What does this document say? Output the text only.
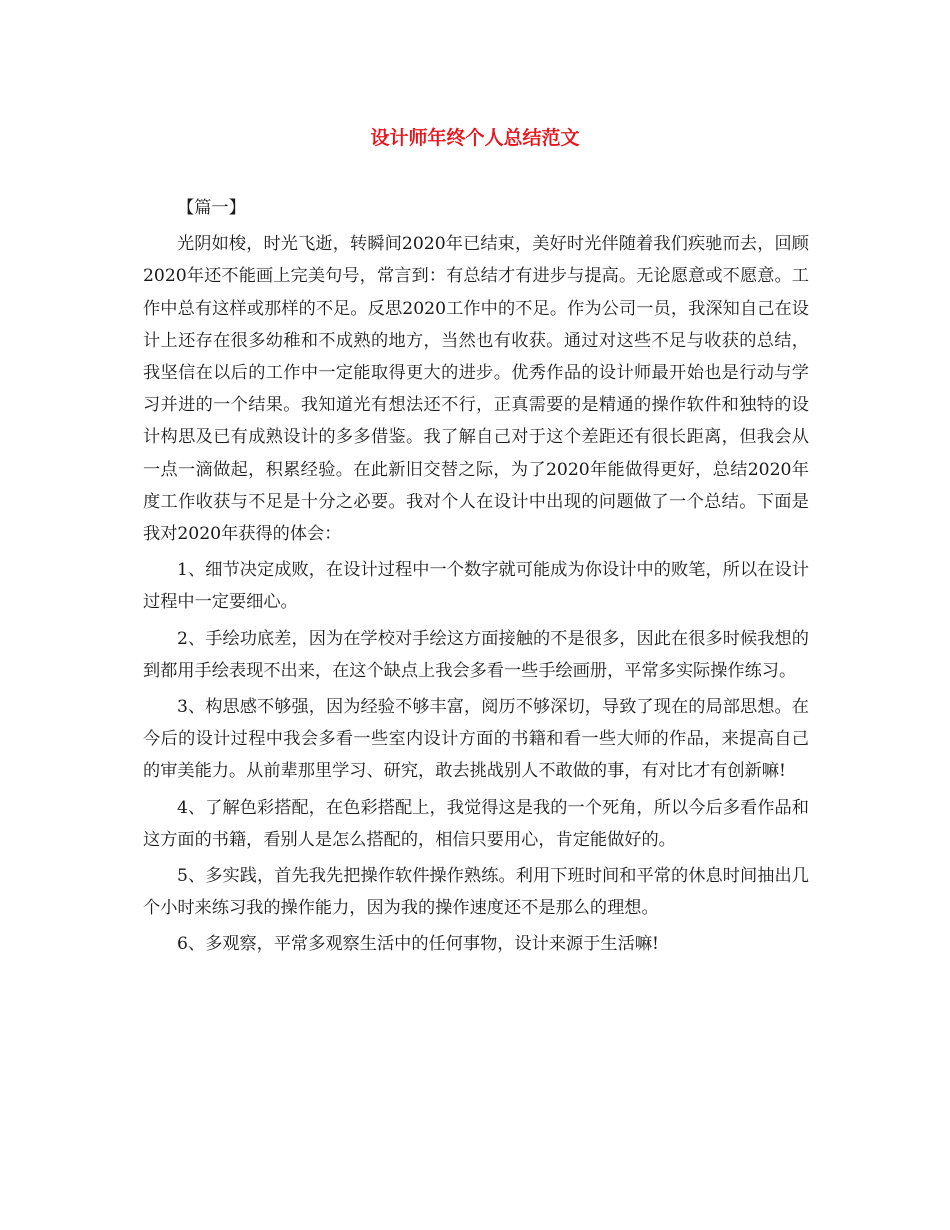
设计师年终个人总结范文

【篇一】

光阴如梭，时光飞逝，转瞬间2020年已结束，美好时光伴随着我们疾驰而去，回顾2020年还不能画上完美句号，常言到：有总结才有进步与提高。无论愿意或不愿意。工作中总有这样或那样的不足。反思2020工作中的不足。作为公司一员，我深知自己在设计上还存在很多幼稚和不成熟的地方，当然也有收获。通过对这些不足与收获的总结，我坚信在以后的工作中一定能取得更大的进步。优秀作品的设计师最开始也是行动与学习并进的一个结果。我知道光有想法还不行，正真需要的是精通的操作软件和独特的设计构思及已有成熟设计的多多借鉴。我了解自己对于这个差距还有很长距离，但我会从一点一滴做起，积累经验。在此新旧交替之际，为了2020年能做得更好，总结2020年度工作收获与不足是十分之必要。我对个人在设计中出现的问题做了一个总结。下面是我对2020年获得的体会：

1、细节决定成败，在设计过程中一个数字就可能成为你设计中的败笔，所以在设计过程中一定要细心。

2、手绘功底差，因为在学校对手绘这方面接触的不是很多，因此在很多时候我想的到都用手绘表现不出来，在这个缺点上我会多看一些手绘画册，平常多实际操作练习。

3、构思感不够强，因为经验不够丰富，阅历不够深切，导致了现在的局部思想。在今后的设计过程中我会多看一些室内设计方面的书籍和看一些大师的作品，来提高自己的审美能力。从前辈那里学习、研究，敢去挑战别人不敢做的事，有对比才有创新嘛!

4、了解色彩搭配，在色彩搭配上，我觉得这是我的一个死角，所以今后多看作品和这方面的书籍，看别人是怎么搭配的，相信只要用心，肯定能做好的。

5、多实践，首先我先把操作软件操作熟练。利用下班时间和平常的休息时间抽出几个小时来练习我的操作能力，因为我的操作速度还不是那么的理想。

6、多观察，平常多观察生活中的任何事物，设计来源于生活嘛!
